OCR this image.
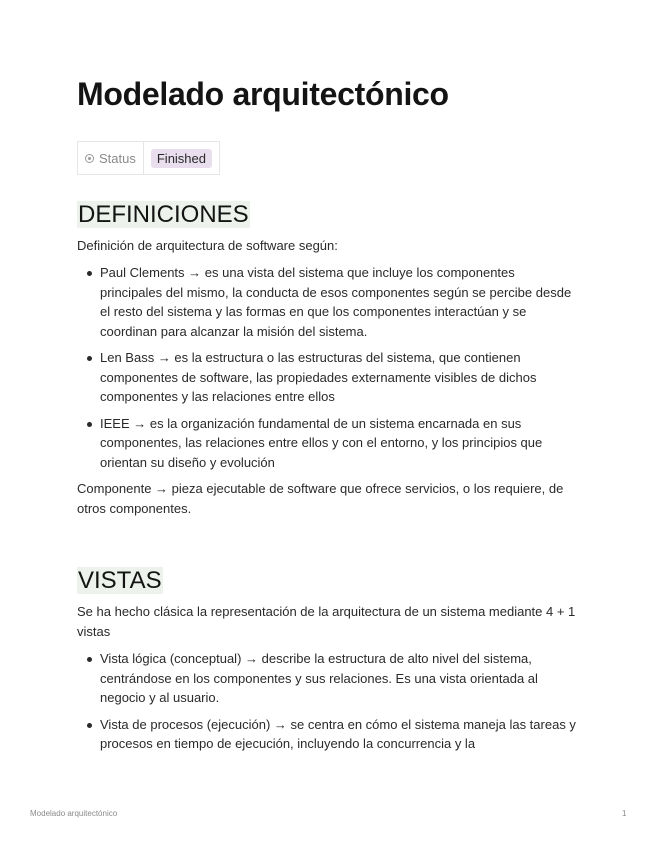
Modelado arquitectónico
Status	Finished
DEFINICIONES

Definición de arquitectura de software según:

Paul Clements → es una vista del sistema que incluye los componentes principales del mismo, la conducta de esos componentes según se percibe desde el resto del sistema y las formas en que los componentes interactúan y se coordinan para alcanzar la misión del sistema.
Len Bass → es la estructura o las estructuras del sistema, que contienen componentes de software, las propiedades externamente visibles de dichos componentes y las relaciones entre ellos
IEEE → es la organización fundamental de un sistema encarnada en sus componentes, las relaciones entre ellos y con el entorno, y los principios que orientan su diseño y evolución

Componente → pieza ejecutable de software que ofrece servicios, o los requiere, de otros componentes.

VISTAS

Se ha hecho clásica la representación de la arquitectura de un sistema mediante 4 + 1 vistas

Vista lógica (conceptual) → describe la estructura de alto nivel del sistema, centrándose en los componentes y sus relaciones. Es una vista orientada al negocio y al usuario.
Vista de procesos (ejecución) → se centra en cómo el sistema maneja las tareas y procesos en tiempo de ejecución, incluyendo la concurrencia y la
Modelado arquitectónico	1
